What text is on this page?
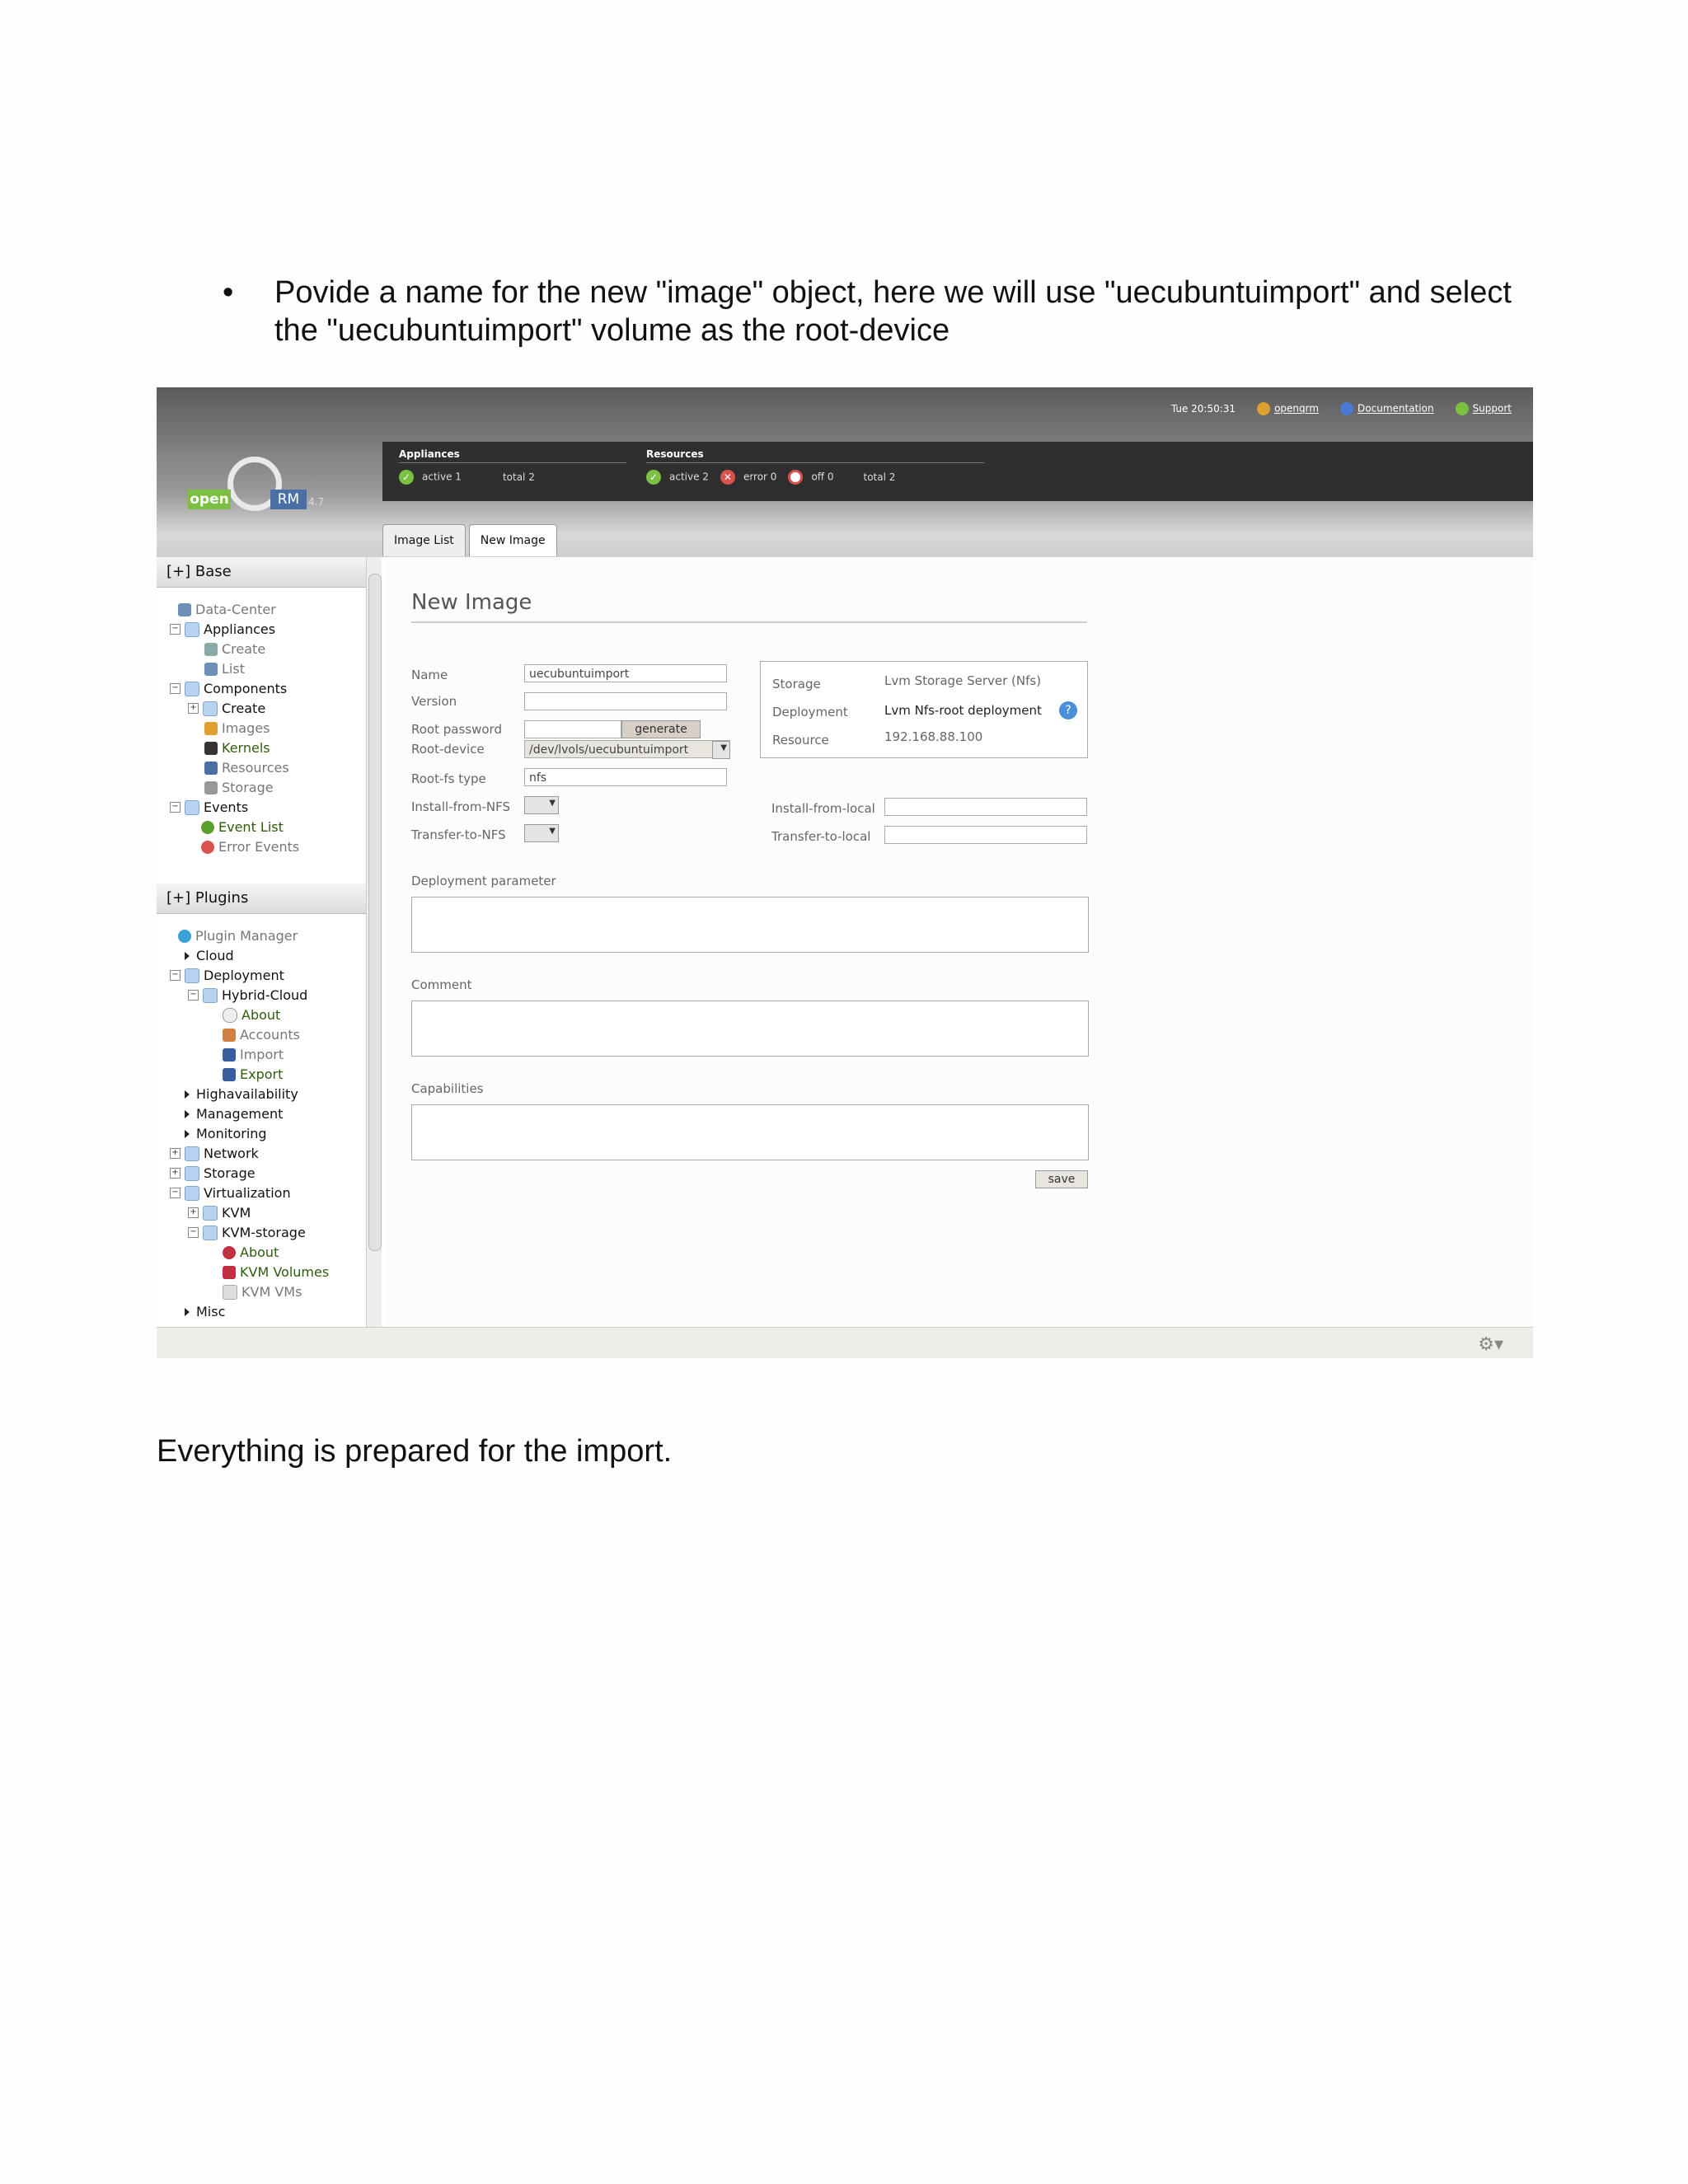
• Povide a name for the new "image" object, here we will use "uecubuntuimport" and select the "uecubuntuimport" volume as the root-device
Tue 20:50:31	openqrm	Documentation	Support
open	RM 4.7
Appliances
✓ active 1	total 2
Resources
✓ active 2	✕ error 0	off 0	total 2
Image List	New Image
[+] Base
Data-Center
− Appliances
Create
List
− Components
+ Create
Images
Kernels
Resources
Storage
− Events
Event List
Error Events
[+] Plugins
Plugin Manager
Cloud
− Deployment
− Hybrid-Cloud
About
Accounts
Import
Export
Highavailability
Management
Monitoring
+ Network
+ Storage
− Virtualization
+ KVM
− KVM-storage
About
KVM Volumes
KVM VMs
Misc
New Image
Name	uecubuntuimport
Version
Root password	generate
Root-device	/dev/lvols/uecubuntuimport
▼
Root-fs type	nfs
Install-from-NFS
▼
Transfer-to-NFS
▼
Storage	Lvm Storage Server (Nfs)
Deployment	Lvm Nfs-root deployment	?
Resource	192.168.88.100
Install-from-local
Transfer-to-local
Deployment parameter
Comment
Capabilities
save
⚙▾
Everything is prepared for the import.
